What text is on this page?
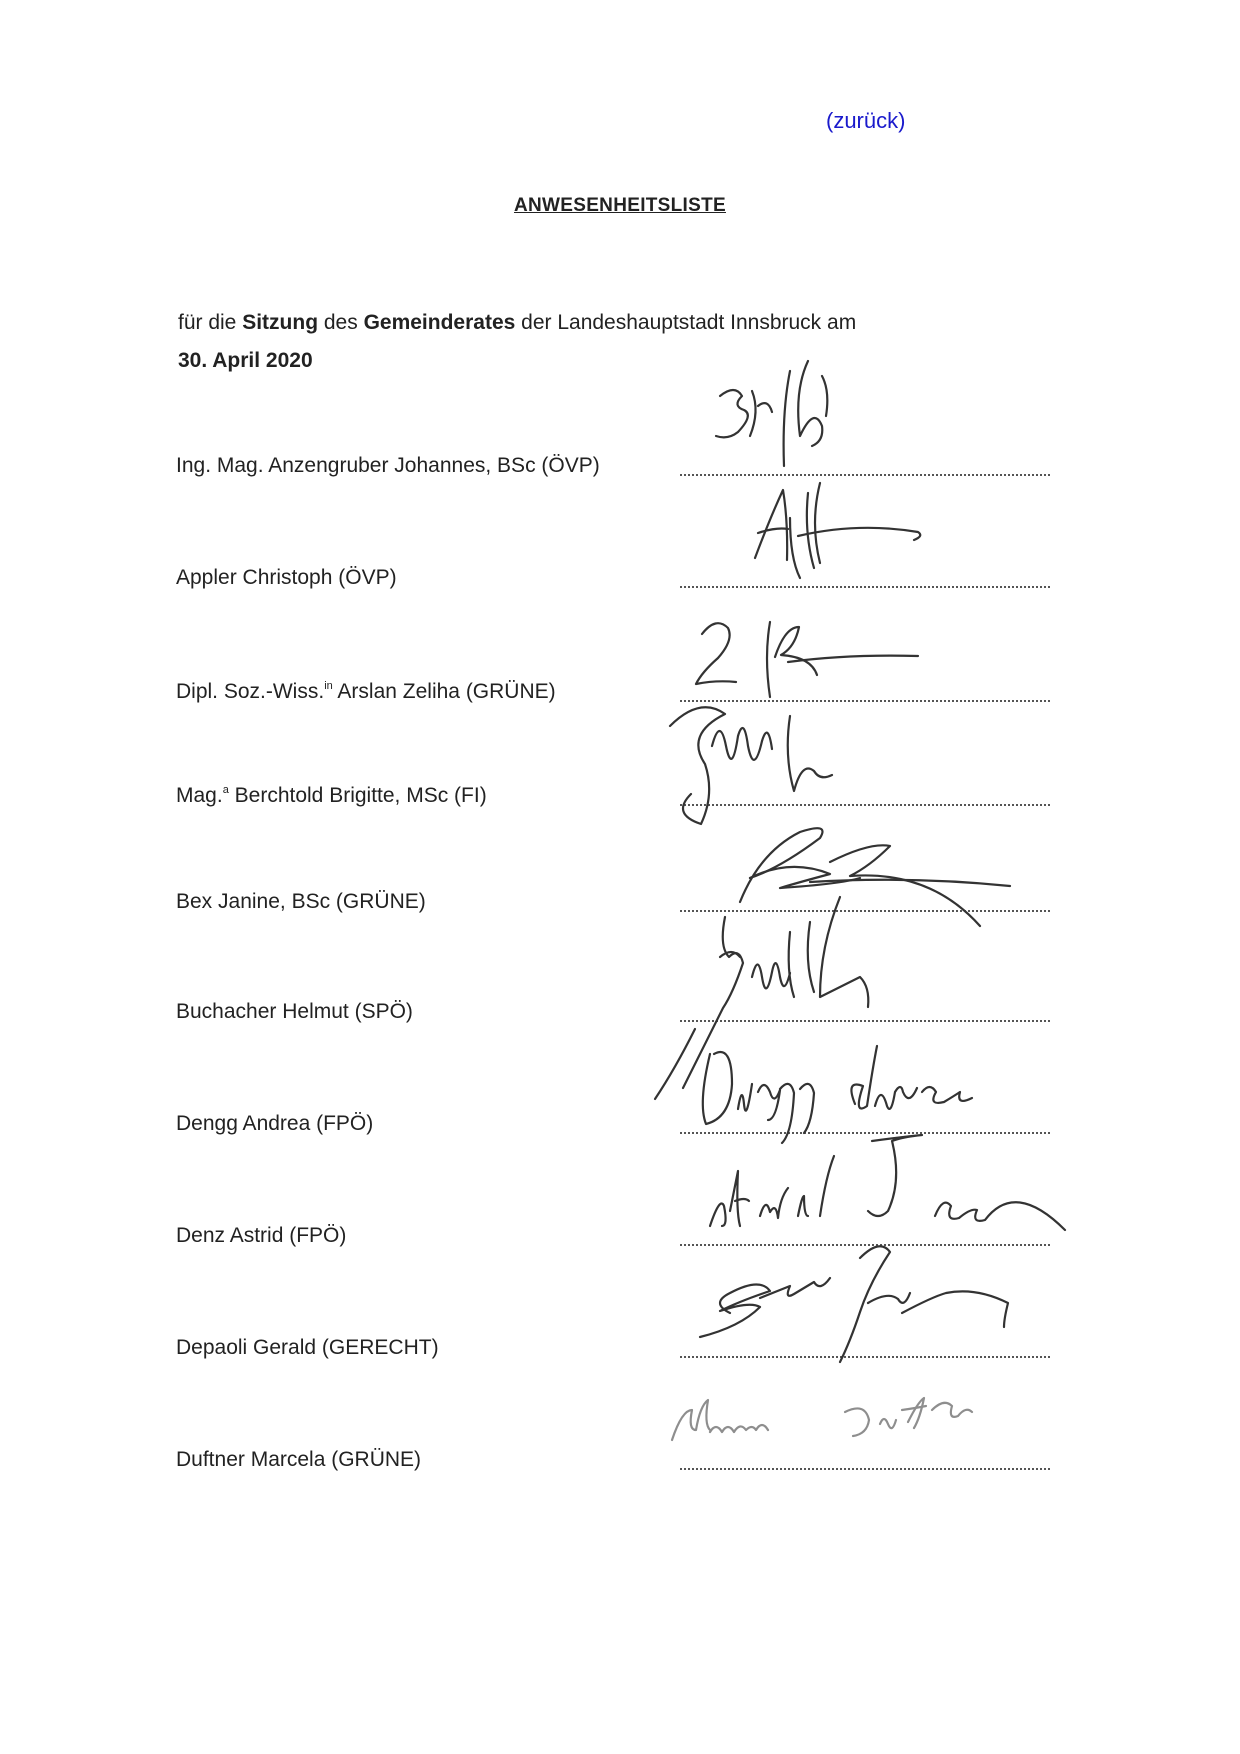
(zurück)
ANWESENHEITSLISTE
für die Sitzung des Gemeinderates der Landeshauptstadt Innsbruck am
30. April 2020
Ing. Mag. Anzengruber Johannes, BSc (ÖVP)
Appler Christoph (ÖVP)
Dipl. Soz.-Wiss.$^{in}$ Arslan Zeliha (GRÜNE)
Mag.$^a$ Berchtold Brigitte, MSc (FI)
Bex Janine, BSc (GRÜNE)
Buchacher Helmut (SPÖ)
Dengg Andrea (FPÖ)
Denz Astrid (FPÖ)
Depaoli Gerald (GERECHT)
Duftner Marcela (GRÜNE)
